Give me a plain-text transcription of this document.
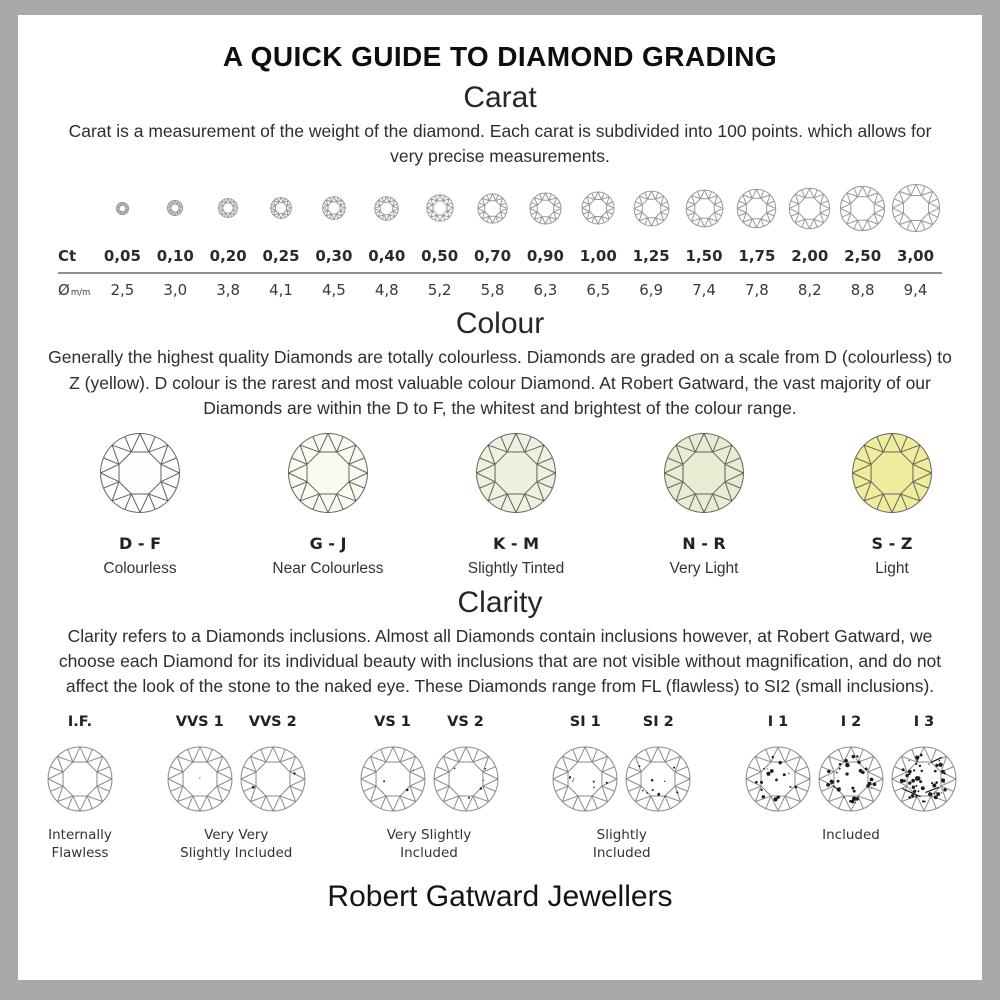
A QUICK GUIDE TO DIAMOND GRADING
Carat

Carat is a measurement of the weight of the diamond. Each carat is subdivided into 100 points. which allows for very precise measurements.

Ct	0,05	0,10	0,20	0,25	0,30	0,40	0,50	0,70	0,90	1,00	1,25	1,50	1,75	2,00	2,50	3,00
Ø m/m	2,5	3,0	3,8	4,1	4,5	4,8	5,2	5,8	6,3	6,5	6,9	7,4	7,8	8,2	8,8	9,4
Colour

Generally the highest quality Diamonds are totally colourless. Diamonds are graded on a scale from D (colourless) to Z (yellow). D colour is the rarest and most valuable colour Diamond. At Robert Gatward, the vast majority of our Diamonds are within the D to F, the whitest and brightest of the colour range.

D - F
Colourless
G - J
Near Colourless
K - M
Slightly Tinted
N - R
Very Light
S - Z
Light
Clarity

Clarity refers to a Diamonds inclusions. Almost all Diamonds contain inclusions however, at Robert Gatward, we choose each Diamond for its individual beauty with inclusions that are not visible without magnification, and do not affect the look of the stone to the naked eye. These Diamonds range from FL (flawless) to SI2 (small inclusions).

I.F.
Internally
Flawless
VVS 1 VVS 2
Very Very
Slightly Included
VS 1 VS 2
Very Slightly
Included
SI 1	SI 2
Slightly
Included
I 1	I 2	I 3
Included
Robert Gatward Jewellers
